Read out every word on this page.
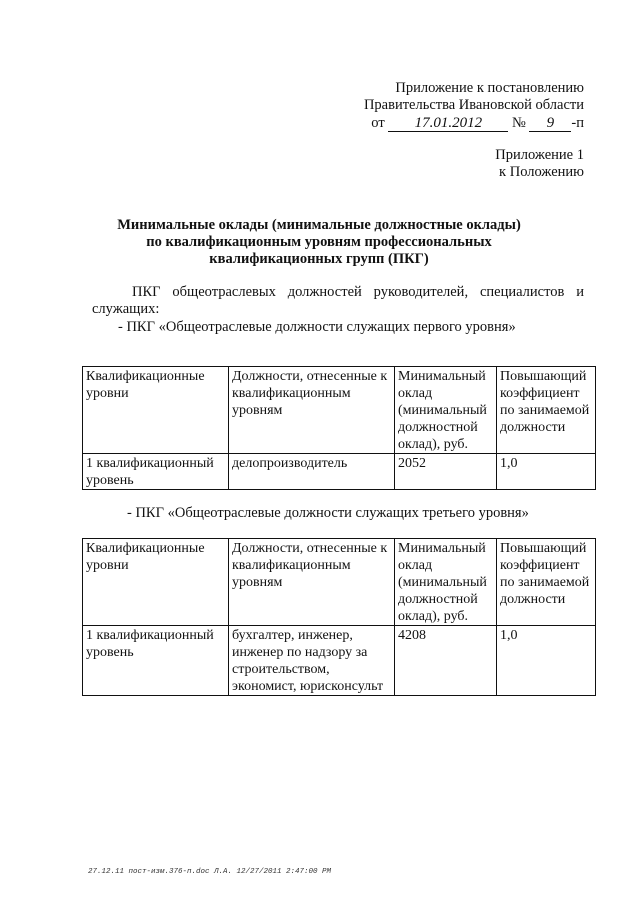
Приложение к постановлению
Правительства Ивановской области
от 17.01.2012 № 9 -п
Приложение 1
к Положению
Минимальные оклады (минимальные должностные оклады)
по квалификационным уровням профессиональных
квалификационных групп (ПКГ)
ПКГ общеотраслевых должностей руководителей, специалистов и
служащих:
- ПКГ «Общеотраслевые должности служащих первого уровня»
Квалификационные уровни	Должности, отнесенные к квалификационным уровням	Минимальный оклад (минимальный должностной оклад), руб.	Повышающий коэффициент по занимаемой должности
1 квалификационный уровень	делопроизводитель	2052	1,0
- ПКГ «Общеотраслевые должности служащих третьего уровня»
Квалификационные уровни	Должности, отнесенные к квалификационным уровням	Минимальный оклад (минимальный должностной оклад), руб.	Повышающий коэффициент по занимаемой должности
1 квалификационный уровень	бухгалтер, инженер, инженер по надзору за строительством, экономист, юрисконсульт	4208	1,0
27.12.11 пост-изм.376-п.doc Л.А. 12/27/2011 2:47:00 PM
